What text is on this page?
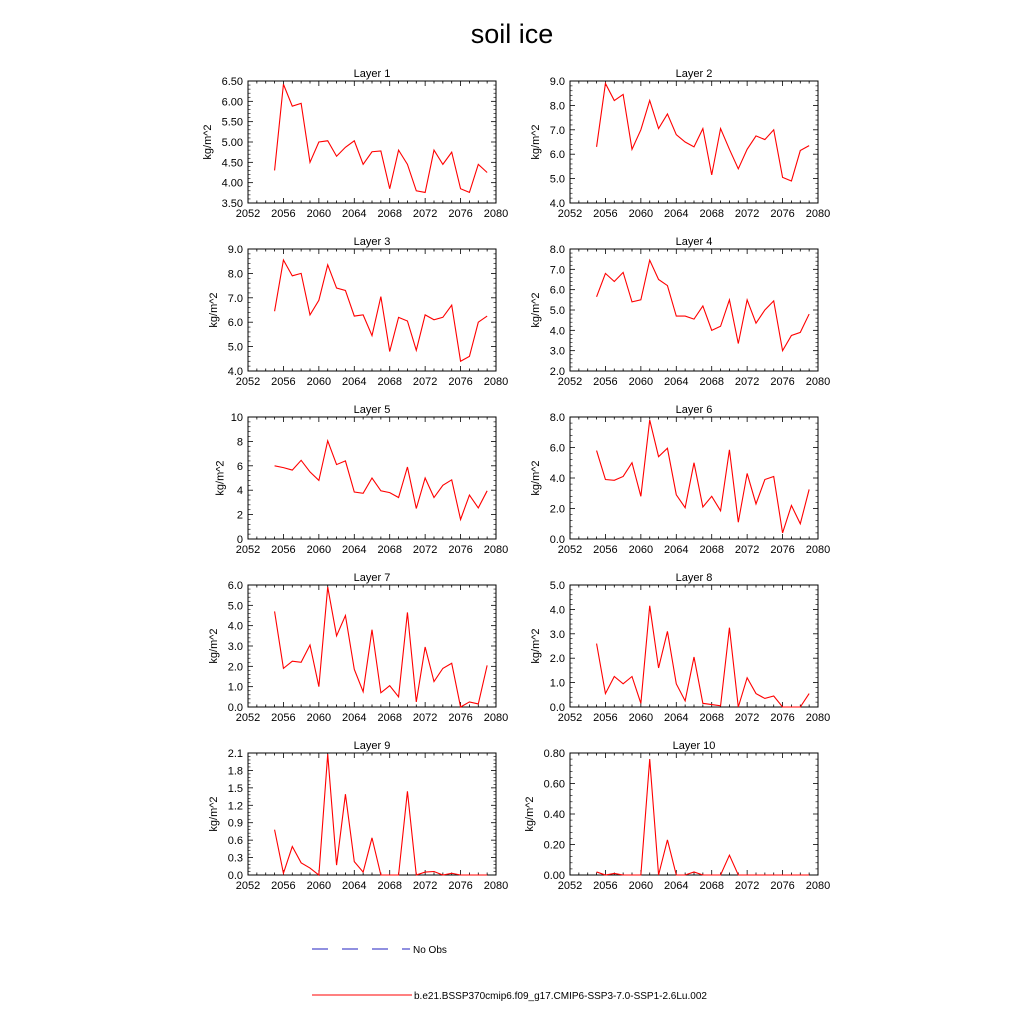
soil ice
Layer 1
2052 2056 2060 2064 2068 2072 2076 2080
3.50
4.00
4.50
5.00
5.50
6.00
6.50
kg/m^2
Layer 2
2052 2056 2060 2064 2068 2072 2076 2080
4.0
5.0
6.0
7.0
8.0
9.0
kg/m^2
Layer 3
2052 2056 2060 2064 2068 2072 2076 2080
4.0
5.0
6.0
7.0
8.0
9.0
kg/m^2
Layer 4
2052 2056 2060 2064 2068 2072 2076 2080
2.0
3.0
4.0
5.0
6.0
7.0
8.0
kg/m^2
Layer 5
2052 2056 2060 2064 2068 2072 2076 2080
0
2
4
6
8
10
kg/m^2
Layer 6
2052 2056 2060 2064 2068 2072 2076 2080
0.0
2.0
4.0
6.0
8.0
kg/m^2
Layer 7
2052 2056 2060 2064 2068 2072 2076 2080
0.0
1.0
2.0
3.0
4.0
5.0
6.0
kg/m^2
Layer 8
2052 2056 2060 2064 2068 2072 2076 2080
0.0
1.0
2.0
3.0
4.0
5.0
kg/m^2
Layer 9
2052 2056 2060 2064 2068 2072 2076 2080
0.0
0.3
0.6
0.9
1.2
1.5
1.8
2.1
kg/m^2
Layer 10
2052 2056 2060 2064 2068 2072 2076 2080
0.00
0.20
0.40
0.60
0.80
kg/m^2
No Obs
b.e21.BSSP370cmip6.f09_g17.CMIP6-SSP3-7.0-SSP1-2.6Lu.002
